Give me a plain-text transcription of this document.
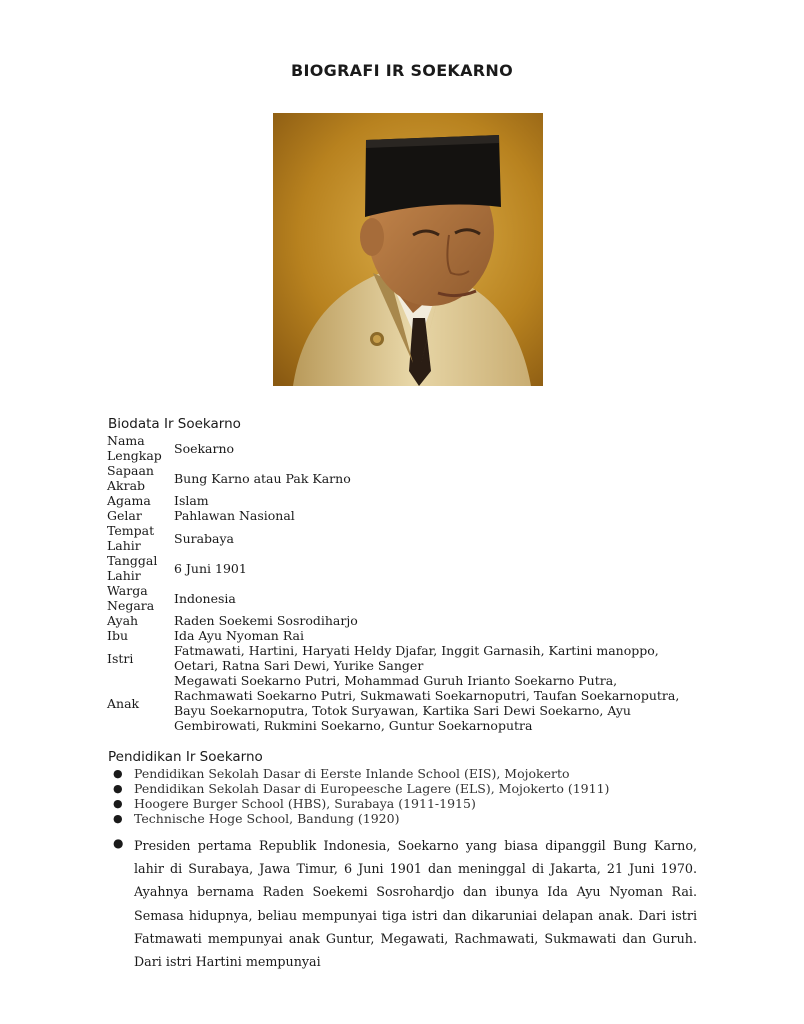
BIOGRAFI IR SOEKARNO
Biodata Ir Soekarno
Nama Lengkap	Soekarno
Sapaan Akrab	Bung Karno atau Pak Karno
Agama	Islam
Gelar	Pahlawan Nasional
Tempat Lahir	Surabaya
Tanggal Lahir	6 Juni 1901
Warga Negara	Indonesia
Ayah	Raden Soekemi Sosrodiharjo
Ibu	Ida Ayu Nyoman Rai
Istri	Fatmawati, Hartini, Haryati Heldy Djafar, Inggit Garnasih, Kartini manoppo, Oetari, Ratna Sari Dewi, Yurike Sanger
Anak	Megawati Soekarno Putri, Mohammad Guruh Irianto Soekarno Putra, Rachmawati Soekarno Putri, Sukmawati Soekarnoputri, Taufan Soekarnoputra, Bayu Soekarnoputra, Totok Suryawan, Kartika Sari Dewi Soekarno, Ayu Gembirowati, Rukmini Soekarno, Guntur Soekarnoputra
Pendidikan Ir Soekarno
● Pendidikan Sekolah Dasar di Eerste Inlande School (EIS), Mojokerto
● Pendidikan Sekolah Dasar di Europeesche Lagere (ELS), Mojokerto (1911)
● Hoogere Burger School (HBS), Surabaya (1911-1915)
● Technische Hoge School, Bandung (1920)
● Presiden pertama Republik Indonesia, Soekarno yang biasa dipanggil Bung Karno, lahir di Surabaya, Jawa Timur, 6 Juni 1901 dan meninggal di Jakarta, 21 Juni 1970. Ayahnya bernama Raden Soekemi Sosrohardjo dan ibunya Ida Ayu Nyoman Rai. Semasa hidupnya, beliau mempunyai tiga istri dan dikaruniai delapan anak. Dari istri Fatmawati mempunyai anak Guntur, Megawati, Rachmawati, Sukmawati dan Guruh. Dari istri Hartini mempunyai
